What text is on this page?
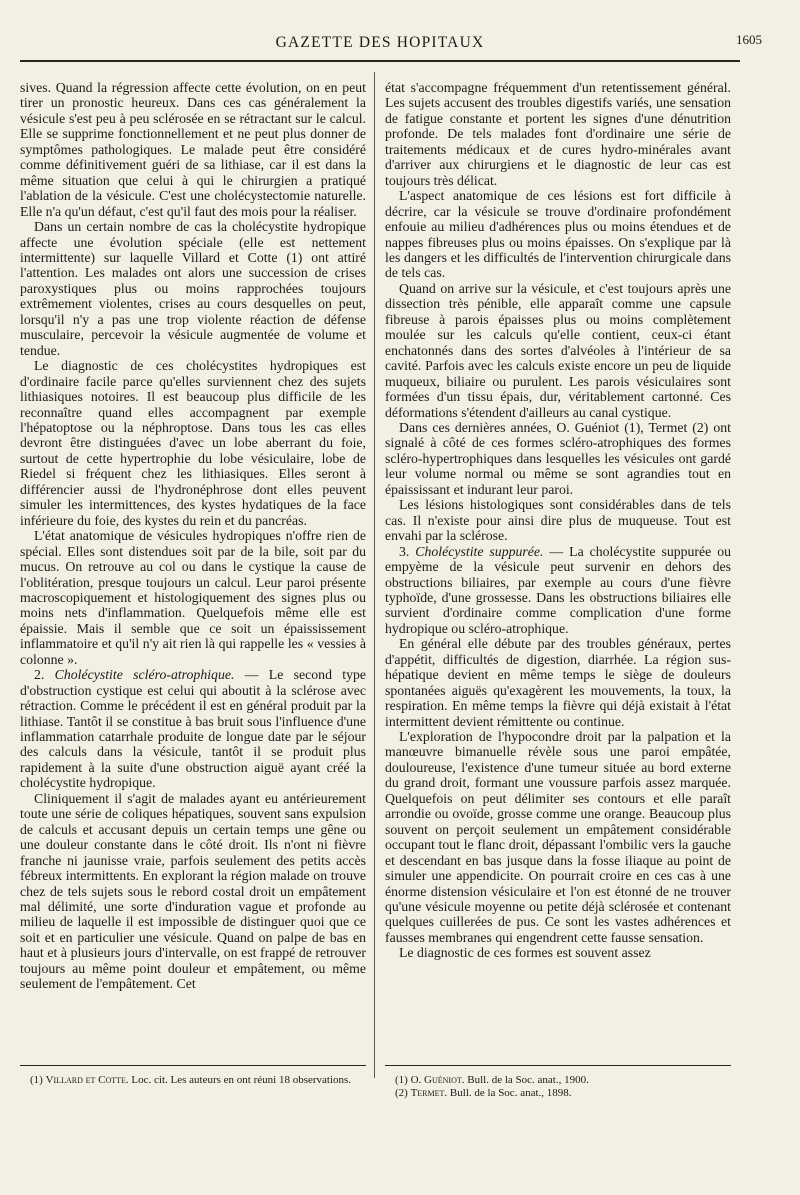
GAZETTE DES HOPITAUX	1605

sives. Quand la régression affecte cette évolution, on en peut tirer un pronostic heureux. Dans ces cas généralement la vésicule s'est peu à peu sclérosée en se rétractant sur le calcul. Elle se supprime fonctionnellement et ne peut plus donner de symptômes pathologiques. Le malade peut être considéré comme définitivement guéri de sa lithiase, car il est dans la même situation que celui à qui le chirurgien a pratiqué l'ablation de la vésicule. C'est une cholécystectomie naturelle. Elle n'a qu'un défaut, c'est qu'il faut des mois pour la réaliser.

Dans un certain nombre de cas la cholécystite hydropique affecte une évolution spéciale (elle est nettement intermittente) sur laquelle Villard et Cotte (1) ont attiré l'attention. Les malades ont alors une succession de crises paroxystiques plus ou moins rapprochées toujours extrêmement violentes, crises au cours desquelles on peut, lorsqu'il n'y a pas une trop violente réaction de défense musculaire, percevoir la vésicule augmentée de volume et tendue.

Le diagnostic de ces cholécystites hydropiques est d'ordinaire facile parce qu'elles surviennent chez des sujets lithiasiques notoires. Il est beaucoup plus difficile de les reconnaître quand elles accompagnent par exemple l'hépatoptose ou la néphroptose. Dans tous les cas elles devront être distinguées d'avec un lobe aberrant du foie, surtout de cette hypertrophie du lobe vésiculaire, lobe de Riedel si fréquent chez les lithiasiques. Elles seront à différencier aussi de l'hydronéphrose dont elles peuvent simuler les intermittences, des kystes hydatiques de la face inférieure du foie, des kystes du rein et du pancréas.

L'état anatomique de vésicules hydropiques n'offre rien de spécial. Elles sont distendues soit par de la bile, soit par du mucus. On retrouve au col ou dans le cystique la cause de l'oblitération, presque toujours un calcul. Leur paroi présente macroscopiquement et histologiquement des signes plus ou moins nets d'inflammation. Quelquefois même elle est épaissie. Mais il semble que ce soit un épaississement inflammatoire et qu'il n'y ait rien là qui rappelle les « vessies à colonne ».

2. Cholécystite scléro-atrophique. — Le second type d'obstruction cystique est celui qui aboutit à la sclérose avec rétraction. Comme le précédent il est en général produit par la lithiase. Tantôt il se constitue à bas bruit sous l'influence d'une inflammation catarrhale produite de longue date par le séjour des calculs dans la vésicule, tantôt il se produit plus rapidement à la suite d'une obstruction aiguë ayant créé la cholécystite hydropique.

Cliniquement il s'agit de malades ayant eu antérieurement toute une série de coliques hépatiques, souvent sans expulsion de calculs et accusant depuis un certain temps une gêne ou une douleur constante dans le côté droit. Ils n'ont ni fièvre franche ni jaunisse vraie, parfois seulement des petits accès fébreux intermittents. En explorant la région malade on trouve chez de tels sujets sous le rebord costal droit un empâtement mal délimité, une sorte d'induration vague et profonde au milieu de laquelle il est impossible de distinguer quoi que ce soit et en particulier une vésicule. Quand on palpe de bas en haut et à plusieurs jours d'intervalle, on est frappé de retrouver toujours au même point douleur et empâtement, ou même seulement de l'empâtement. Cet

état s'accompagne fréquemment d'un retentissement général. Les sujets accusent des troubles digestifs variés, une sensation de fatigue constante et portent les signes d'une dénutrition profonde. De tels malades font d'ordinaire une série de traitements médicaux et de cures hydro-minérales avant d'arriver aux chirurgiens et le diagnostic de leur cas est toujours très délicat.

L'aspect anatomique de ces lésions est fort difficile à décrire, car la vésicule se trouve d'ordinaire profondément enfouie au milieu d'adhérences plus ou moins étendues et de nappes fibreuses plus ou moins épaisses. On s'explique par là les dangers et les difficultés de l'intervention chirurgicale dans de tels cas.

Quand on arrive sur la vésicule, et c'est toujours après une dissection très pénible, elle apparaît comme une capsule fibreuse à parois épaisses plus ou moins complètement moulée sur les calculs qu'elle contient, ceux-ci étant enchatonnés dans des sortes d'alvéoles à l'intérieur de sa cavité. Parfois avec les calculs existe encore un peu de liquide muqueux, biliaire ou purulent. Les parois vésiculaires sont formées d'un tissu épais, dur, véritablement cartonné. Ces déformations s'étendent d'ailleurs au canal cystique.

Dans ces dernières années, O. Guéniot (1), Termet (2) ont signalé à côté de ces formes scléro-atrophiques des formes scléro-hypertrophiques dans lesquelles les vésicules ont gardé leur volume normal ou même se sont agrandies tout en épaississant et indurant leur paroi.

Les lésions histologiques sont considérables dans de tels cas. Il n'existe pour ainsi dire plus de muqueuse. Tout est envahi par la sclérose.

3. Cholécystite suppurée. — La cholécystite suppurée ou empyème de la vésicule peut survenir en dehors des obstructions biliaires, par exemple au cours d'une fièvre typhoïde, d'une grossesse. Dans les obstructions biliaires elle survient d'ordinaire comme complication d'une forme hydropique ou scléro-atrophique.

En général elle débute par des troubles généraux, pertes d'appétit, difficultés de digestion, diarrhée. La région sus-hépatique devient en même temps le siège de douleurs spontanées aiguës qu'exagèrent les mouvements, la toux, la respiration. En même temps la fièvre qui déjà existait à l'état intermittent devient rémittente ou continue.

L'exploration de l'hypocondre droit par la palpation et la manœuvre bimanuelle révèle sous une paroi empâtée, douloureuse, l'existence d'une tumeur située au bord externe du grand droit, formant une voussure parfois assez marquée. Quelquefois on peut délimiter ses contours et elle paraît arrondie ou ovoïde, grosse comme une orange. Beaucoup plus souvent on perçoit seulement un empâtement considérable occupant tout le flanc droit, dépassant l'ombilic vers la gauche et descendant en bas jusque dans la fosse iliaque au point de simuler une appendicite. On pourrait croire en ces cas à une énorme distension vésiculaire et l'on est étonné de ne trouver qu'une vésicule moyenne ou petite déjà sclérosée et contenant quelques cuillerées de pus. Ce sont les vastes adhérences et fausses membranes qui engendrent cette fausse sensation.

Le diagnostic de ces formes est souvent assez

(1) Villard et Cotte. Loc. cit. Les auteurs en ont réuni 18 observations.	(1) O. Guéniot. Bull. de la Soc. anat., 1900.

(2) Termet. Bull. de la Soc. anat., 1898.
